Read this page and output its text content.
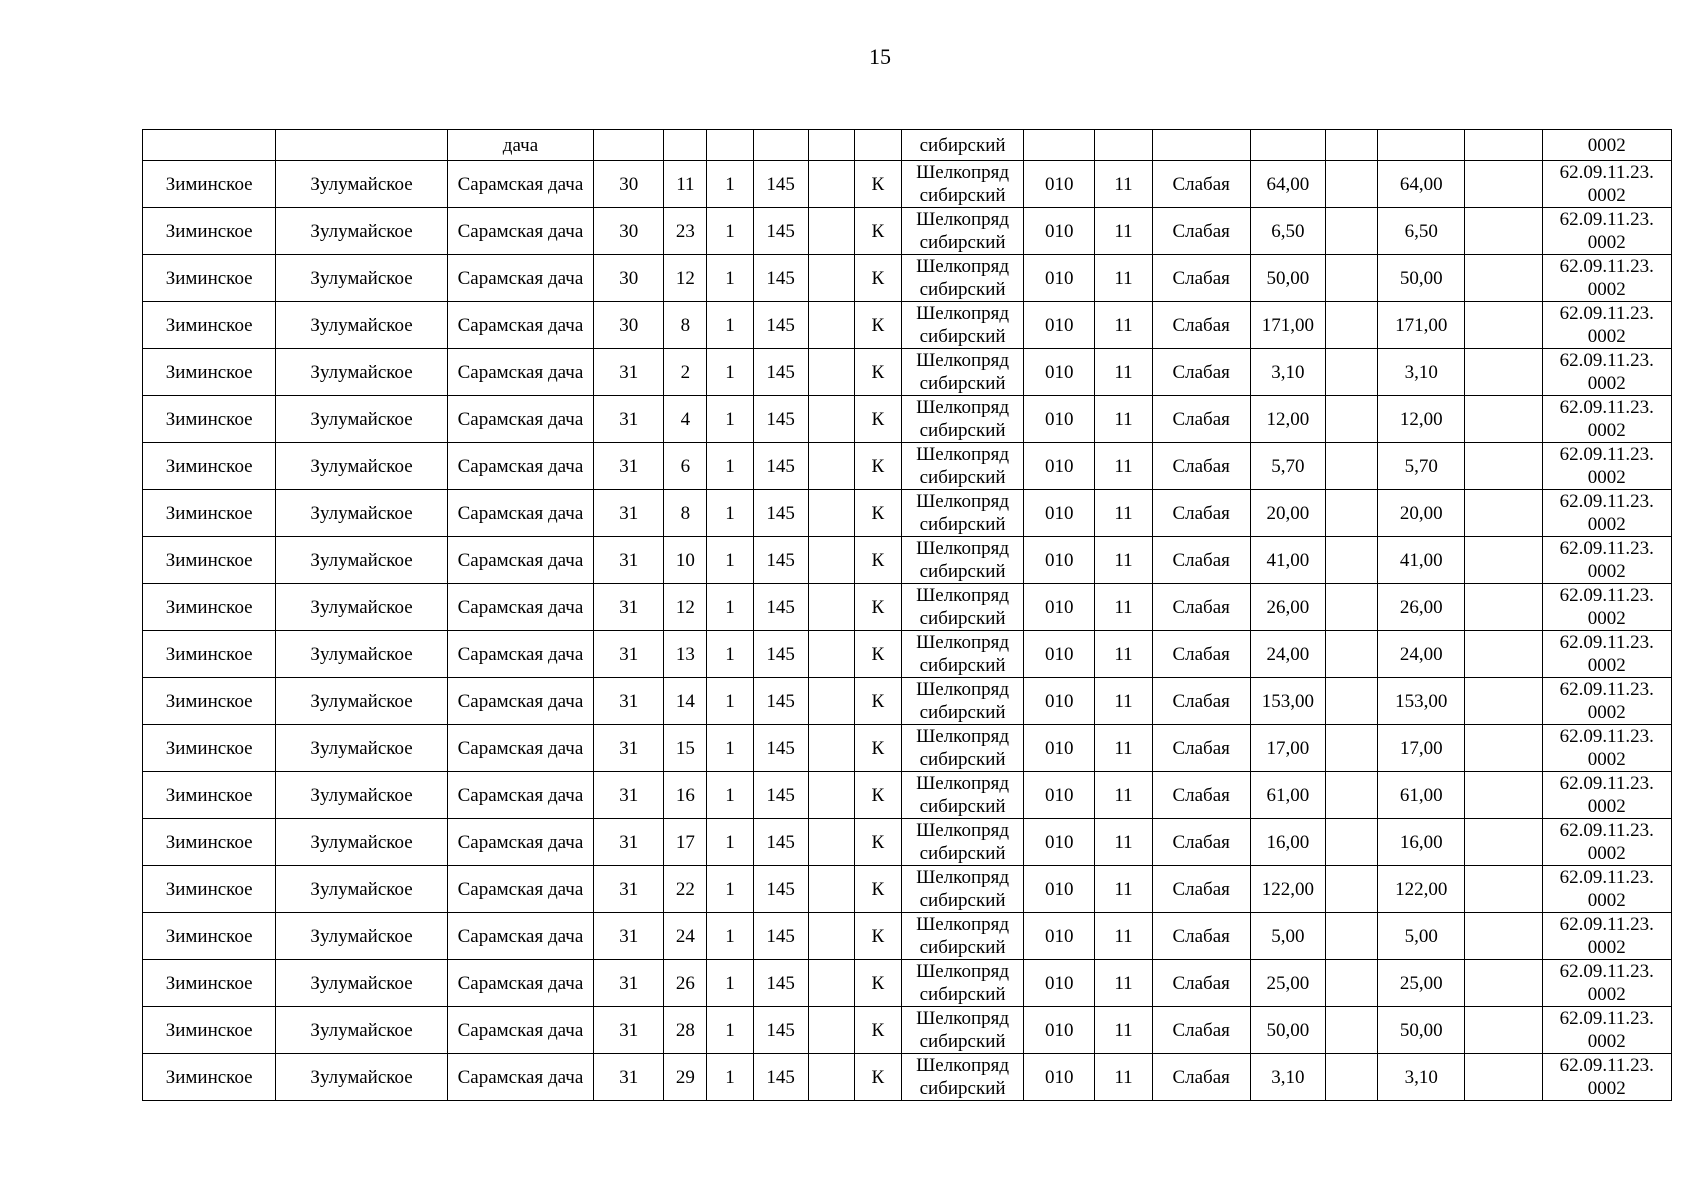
15
		дача							сибирский								0002
Зиминское	Зулумайское	Сарамская дача	30	11	1	145		К	Шелкопряд сибирский	010	11	Слабая	64,00		64,00		62.09.11.23. 0002
Зиминское	Зулумайское	Сарамская дача	30	23	1	145		К	Шелкопряд сибирский	010	11	Слабая	6,50		6,50		62.09.11.23. 0002
Зиминское	Зулумайское	Сарамская дача	30	12	1	145		К	Шелкопряд сибирский	010	11	Слабая	50,00		50,00		62.09.11.23. 0002
Зиминское	Зулумайское	Сарамская дача	30	8	1	145		К	Шелкопряд сибирский	010	11	Слабая	171,00		171,00		62.09.11.23. 0002
Зиминское	Зулумайское	Сарамская дача	31	2	1	145		К	Шелкопряд сибирский	010	11	Слабая	3,10		3,10		62.09.11.23. 0002
Зиминское	Зулумайское	Сарамская дача	31	4	1	145		К	Шелкопряд сибирский	010	11	Слабая	12,00		12,00		62.09.11.23. 0002
Зиминское	Зулумайское	Сарамская дача	31	6	1	145		К	Шелкопряд сибирский	010	11	Слабая	5,70		5,70		62.09.11.23. 0002
Зиминское	Зулумайское	Сарамская дача	31	8	1	145		К	Шелкопряд сибирский	010	11	Слабая	20,00		20,00		62.09.11.23. 0002
Зиминское	Зулумайское	Сарамская дача	31	10	1	145		К	Шелкопряд сибирский	010	11	Слабая	41,00		41,00		62.09.11.23. 0002
Зиминское	Зулумайское	Сарамская дача	31	12	1	145		К	Шелкопряд сибирский	010	11	Слабая	26,00		26,00		62.09.11.23. 0002
Зиминское	Зулумайское	Сарамская дача	31	13	1	145		К	Шелкопряд сибирский	010	11	Слабая	24,00		24,00		62.09.11.23. 0002
Зиминское	Зулумайское	Сарамская дача	31	14	1	145		К	Шелкопряд сибирский	010	11	Слабая	153,00		153,00		62.09.11.23. 0002
Зиминское	Зулумайское	Сарамская дача	31	15	1	145		К	Шелкопряд сибирский	010	11	Слабая	17,00		17,00		62.09.11.23. 0002
Зиминское	Зулумайское	Сарамская дача	31	16	1	145		К	Шелкопряд сибирский	010	11	Слабая	61,00		61,00		62.09.11.23. 0002
Зиминское	Зулумайское	Сарамская дача	31	17	1	145		К	Шелкопряд сибирский	010	11	Слабая	16,00		16,00		62.09.11.23. 0002
Зиминское	Зулумайское	Сарамская дача	31	22	1	145		К	Шелкопряд сибирский	010	11	Слабая	122,00		122,00		62.09.11.23. 0002
Зиминское	Зулумайское	Сарамская дача	31	24	1	145		К	Шелкопряд сибирский	010	11	Слабая	5,00		5,00		62.09.11.23. 0002
Зиминское	Зулумайское	Сарамская дача	31	26	1	145		К	Шелкопряд сибирский	010	11	Слабая	25,00		25,00		62.09.11.23. 0002
Зиминское	Зулумайское	Сарамская дача	31	28	1	145		К	Шелкопряд сибирский	010	11	Слабая	50,00		50,00		62.09.11.23. 0002
Зиминское	Зулумайское	Сарамская дача	31	29	1	145		К	Шелкопряд сибирский	010	11	Слабая	3,10		3,10		62.09.11.23. 0002
